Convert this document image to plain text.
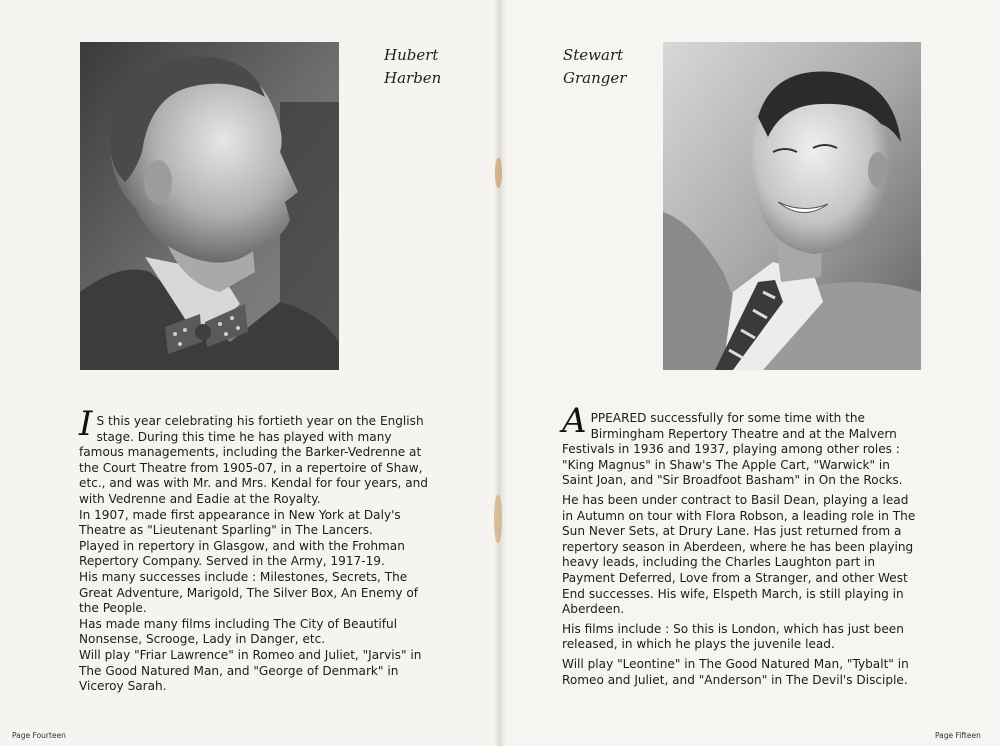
Hubert
Harben
Stewart
Granger

I S this year celebrating his fortieth year on the English stage. During this time he has played with many famous managements, including the Barker-Vedrenne at the Court Theatre from 1905-07, in a repertoire of Shaw, etc., and was with Mr. and Mrs. Kendal for four years, and with Vedrenne and Eadie at the Royalty.

In 1907, made first appearance in New York at Daly's Theatre as "Lieutenant Sparling" in The Lancers.

Played in repertory in Glasgow, and with the Frohman Repertory Company. Served in the Army, 1917-19.

His many successes include : Milestones, Secrets, The Great Adventure, Marigold, The Silver Box, An Enemy of the People.

Has made many films including The City of Beautiful Nonsense, Scrooge, Lady in Danger, etc.

Will play "Friar Lawrence" in Romeo and Juliet, "Jarvis" in The Good Natured Man, and "George of Denmark" in Viceroy Sarah.

APPEARED successfully for some time with the Birmingham Repertory Theatre and at the Malvern Festivals in 1936 and 1937, playing among other roles : "King Magnus" in Shaw's The Apple Cart, "Warwick" in Saint Joan, and "Sir Broadfoot Basham" in On the Rocks.

He has been under contract to Basil Dean, playing a lead in Autumn on tour with Flora Robson, a leading role in The Sun Never Sets, at Drury Lane. Has just returned from a repertory season in Aberdeen, where he has been playing heavy leads, including the Charles Laughton part in Payment Deferred, Love from a Stranger, and other West End successes. His wife, Elspeth March, is still playing in Aberdeen.

His films include : So this is London, which has just been released, in which he plays the juvenile lead.

Will play "Leontine" in The Good Natured Man, "Tybalt" in Romeo and Juliet, and "Anderson" in The Devil's Disciple.

Page Fourteen	Page Fifteen
